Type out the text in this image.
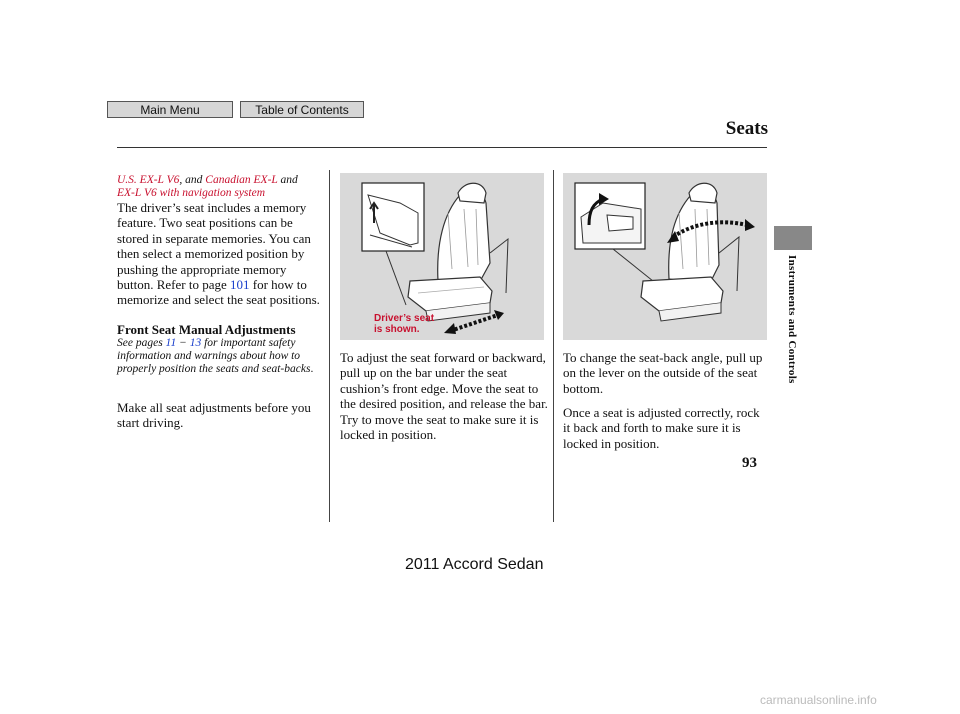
Main Menu	Table of Contents
Seats
Instruments and Controls
U.S. EX-L V6, and Canadian EX-L and
EX-L V6 with navigation system
The driver’s seat includes a memory feature. Two seat positions can be stored in separate memories. You can then select a memorized position by pushing the appropriate memory button. Refer to page 101 for how to memorize and select the seat positions.
Front Seat Manual Adjustments
See pages 11 − 13 for important safety information and warnings about how to properly position the seats and seat-backs.
Make all seat adjustments before you start driving.
Driver’s seat
is shown.
To adjust the seat forward or backward, pull up on the bar under the seat cushion’s front edge. Move the seat to the desired position, and release the bar. Try to move the seat to make sure it is locked in position.
To change the seat-back angle, pull up on the lever on the outside of the seat bottom.
Once a seat is adjusted correctly, rock it back and forth to make sure it is locked in position.
93
2011 Accord Sedan
carmanualsonline.info
